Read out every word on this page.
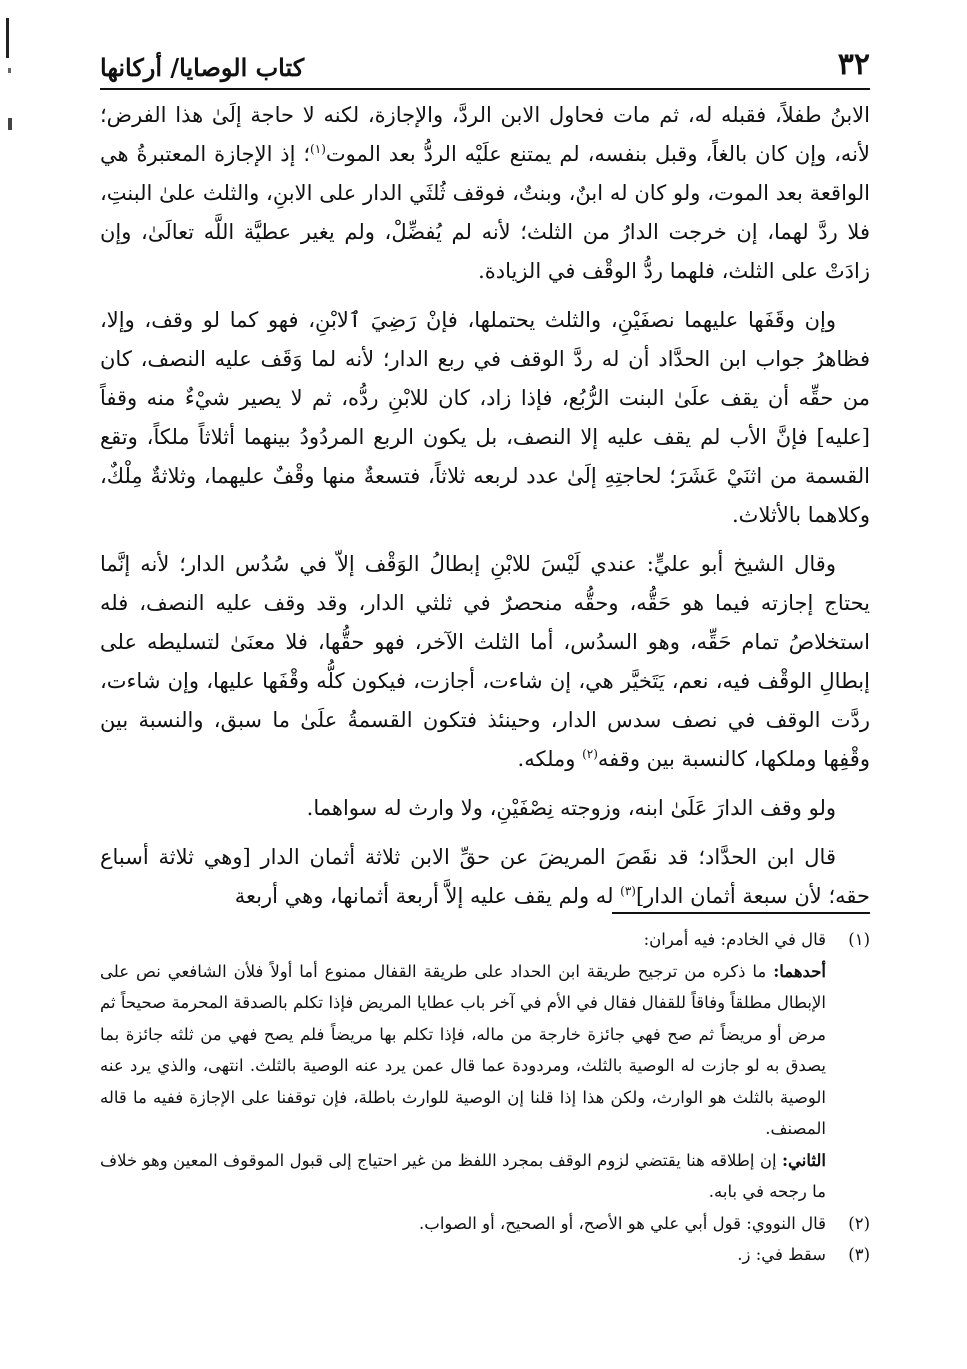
٣٢
كتاب الوصايا/ أركانها

الابنُ طفلاً، فقبله له، ثم مات فحاول الابن الردَّ، والإجازة، لكنه لا حاجة إلَىٰ هذا الفرض؛ لأنه، وإن كان بالغاً، وقبل بنفسه، لم يمتنع علَيْه الردُّ بعد الموت$^{(١)}$؛ إذ الإجازة المعتبرةُ هي الواقعة بعد الموت، ولو كان له ابنٌ، وبنتٌ، فوقف ثُلثَي الدار على الابنِ، والثلث علىٰ البنتِ، فلا ردَّ لهما، إن خرجت الدارُ من الثلث؛ لأنه لم يُفضِّلْ، ولم يغير عطيَّة اللَّه تعالَىٰ، وإن زادَتْ على الثلث، فلهما ردُّ الوقْف في الزيادة.

وإن وقَفَها عليهما نصفَيْنِ، والثلث يحتملها، فإنْ رَضِيَ ٱلابْنِ، فهو كما لو وقف، وإلا، فظاهرُ جواب ابن الحدَّاد أن له ردَّ الوقف في ربع الدار؛ لأنه لما وَقَف عليه النصف، كان من حقِّه أن يقف علَىٰ البنت الرُّبُع، فإذا زاد، كان للابْنِ ردُّه، ثم لا يصير شيْءٌ منه وقفاً [عليه] فإنَّ الأب لم يقف عليه إلا النصف، بل يكون الربع المردُودُ بينهما أثلاثاً ملكاً، وتقع القسمة من اثنَيْ عَشَرَ؛ لحاجتِهِ إلَىٰ عدد لربعه ثلاثاً، فتسعةٌ منها وقْفٌ عليهما، وثلاثةٌ مِلْكٌ، وكلاهما بالأثلاث.

وقال الشيخ أبو عليٍّ: عندي لَيْسَ للابْنِ إبطالُ الوَقْف إلاّ في سُدُس الدار؛ لأنه إنَّما يحتاج إجازته فيما هو حَقُّه، وحقُّه منحصرٌ في ثلثي الدار، وقد وقف عليه النصف، فله استخلاصُ تمام حَقِّه، وهو السدُس، أما الثلث الآخر، فهو حقُّها، فلا معنَىٰ لتسليطه على إبطالِ الوقْف فيه، نعم، يَتَخيَّر هي، إن شاءت، أجازت، فيكون كلُّه وقْفَها عليها، وإن شاءت، ردَّت الوقف في نصف سدس الدار، وحينئذ فتكون القسمةُ علَىٰ ما سبق، والنسبة بين وقْفِها وملكها، كالنسبة بين وقفه$^{(٢)}$ وملكه.

ولو وقف الدارَ عَلَىٰ ابنه، وزوجته نِصْفَيْنِ، ولا وارث له سواهما.

قال ابن الحدَّاد؛ قد نقَصَ المريضَ عن حقِّ الابن ثلاثة أثمان الدار [وهي ثلاثة أسباع حقه؛ لأن سبعة أثمان الدار]$^{(٣)}$ له ولم يقف عليه إلاَّ أربعة أثمانها، وهي أربعة

(١)
قال في الخادم: فيه أمران:
أحدهما: ما ذكره من ترجيح طريقة ابن الحداد على طريقة القفال ممنوع أما أولاً فلأن الشافعي نص على الإبطال مطلقاً وفاقاً للقفال فقال في الأم في آخر باب عطايا المريض فإذا تكلم بالصدقة المحرمة صحيحاً ثم مرض أو مريضاً ثم صح فهي جائزة خارجة من ماله، فإذا تكلم بها مريضاً فلم يصح فهي من ثلثه جائزة بما يصدق به لو جازت له الوصية بالثلث، ومردودة عما قال عمن يرد عنه الوصية بالثلث. انتهى، والذي يرد عنه الوصية بالثلث هو الوارث، ولكن هذا إذا قلنا إن الوصية للوارث باطلة، فإن توقفنا على الإجازة ففيه ما قاله المصنف.
الثاني: إن إطلاقه هنا يقتضي لزوم الوقف بمجرد اللفظ من غير احتياج إلى قبول الموقوف المعين وهو خلاف ما رجحه في بابه.
(٢)
قال النووي: قول أبي علي هو الأصح، أو الصحيح، أو الصواب.
(٣)
سقط في: ز.
